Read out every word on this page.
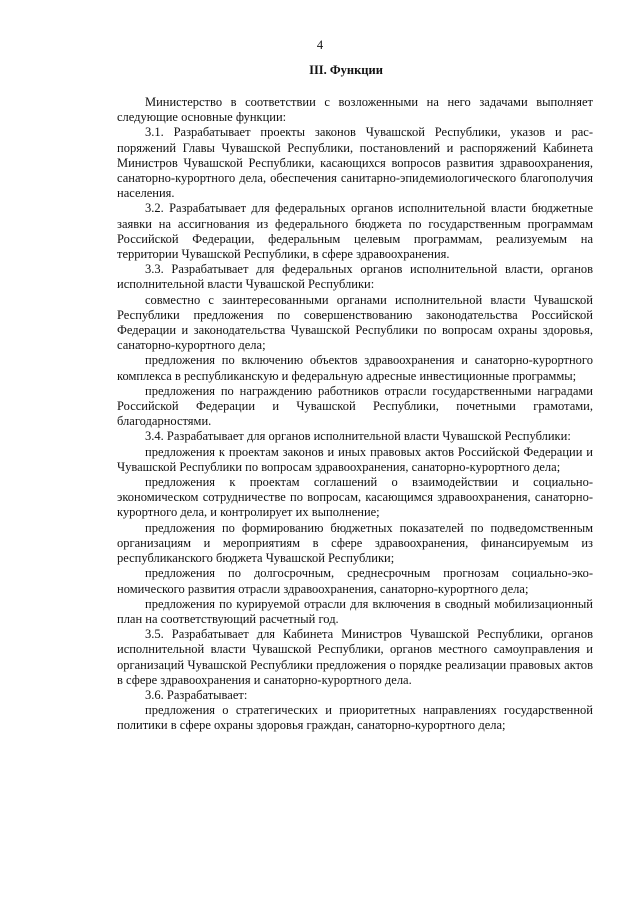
4
III. Функции

Министерство в соответствии с возложенными на него задачами выполняет следующие основные функции:

3.1. Разрабатывает проекты законов Чувашской Республики, указов и распоряжений Главы Чувашской Республики, постановлений и распоряжений Кабинета Министров Чувашской Республики, касающихся вопросов развития здравоохранения, санаторно-курортного дела, обеспечения санитарно-эпидемиологического благополучия населения.

3.2. Разрабатывает для федеральных органов исполнительной власти бюджетные заявки на ассигнования из федерального бюджета по государственным программам Российской Федерации, федеральным целевым программам, реализуемым на территории Чувашской Республики, в сфере здравоохранения.

3.3. Разрабатывает для федеральных органов исполнительной власти, органов исполнительной власти Чувашской Республики:

совместно с заинтересованными органами исполнительной власти Чувашской Республики предложения по совершенствованию законодательства Российской Федерации и законодательства Чувашской Республики по вопросам охраны здоровья, санаторно-курортного дела;

предложения по включению объектов здравоохранения и санаторно-курортного комплекса в республиканскую и федеральную адресные инвестиционные программы;

предложения по награждению работников отрасли государственными наградами Российской Федерации и Чувашской Республики, почетными грамотами, благодарностями.

3.4. Разрабатывает для органов исполнительной власти Чувашской Республики:

предложения к проектам законов и иных правовых актов Российской Федерации и Чувашской Республики по вопросам здравоохранения, санаторно-курортного дела;

предложения к проектам соглашений о взаимодействии и социально-экономическом сотрудничестве по вопросам, касающимся здравоохранения, санаторно-курортного дела, и контролирует их выполнение;

предложения по формированию бюджетных показателей по подведомственным организациям и мероприятиям в сфере здравоохранения, финансируемым из республиканского бюджета Чувашской Республики;

предложения по долгосрочным, среднесрочным прогнозам социально-экономического развития отрасли здравоохранения, санаторно-курортного дела;

предложения по курируемой отрасли для включения в сводный мобилизационный план на соответствующий расчетный год.

3.5. Разрабатывает для Кабинета Министров Чувашской Республики, органов исполнительной власти Чувашской Республики, органов местного самоуправления и организаций Чувашской Республики предложения о порядке реализации правовых актов в сфере здравоохранения и санаторно-курортного дела.

3.6. Разрабатывает:

предложения о стратегических и приоритетных направлениях государственной политики в сфере охраны здоровья граждан, санаторно-курортного дела;
